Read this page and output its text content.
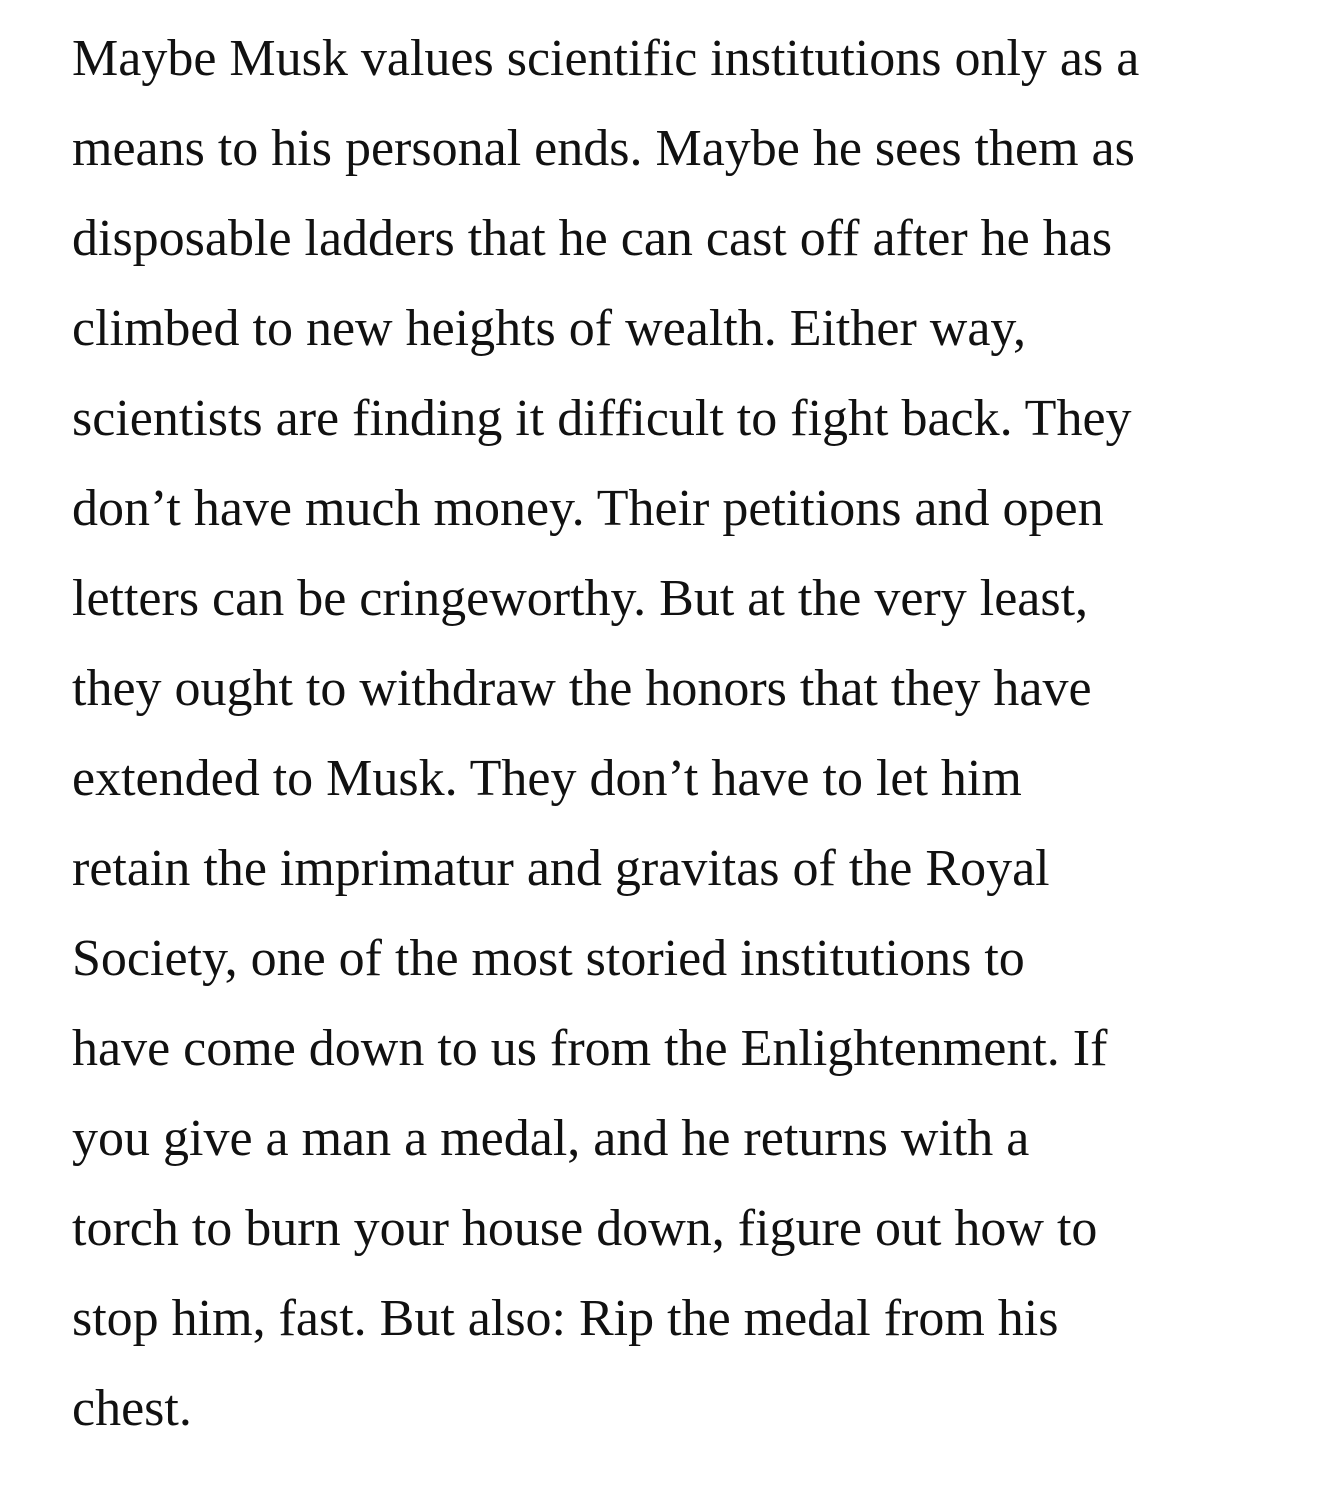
Maybe Musk values scientific institutions only as a
means to his personal ends. Maybe he sees them as
disposable ladders that he can cast off after he has
climbed to new heights of wealth. Either way,
scientists are finding it difficult to fight back. They
don’t have much money. Their petitions and open
letters can be cringeworthy. But at the very least,
they ought to withdraw the honors that they have
extended to Musk. They don’t have to let him
retain the imprimatur and gravitas of the Royal
Society, one of the most storied institutions to
have come down to us from the Enlightenment. If
you give a man a medal, and he returns with a
torch to burn your house down, figure out how to
stop him, fast. But also: Rip the medal from his
chest.
